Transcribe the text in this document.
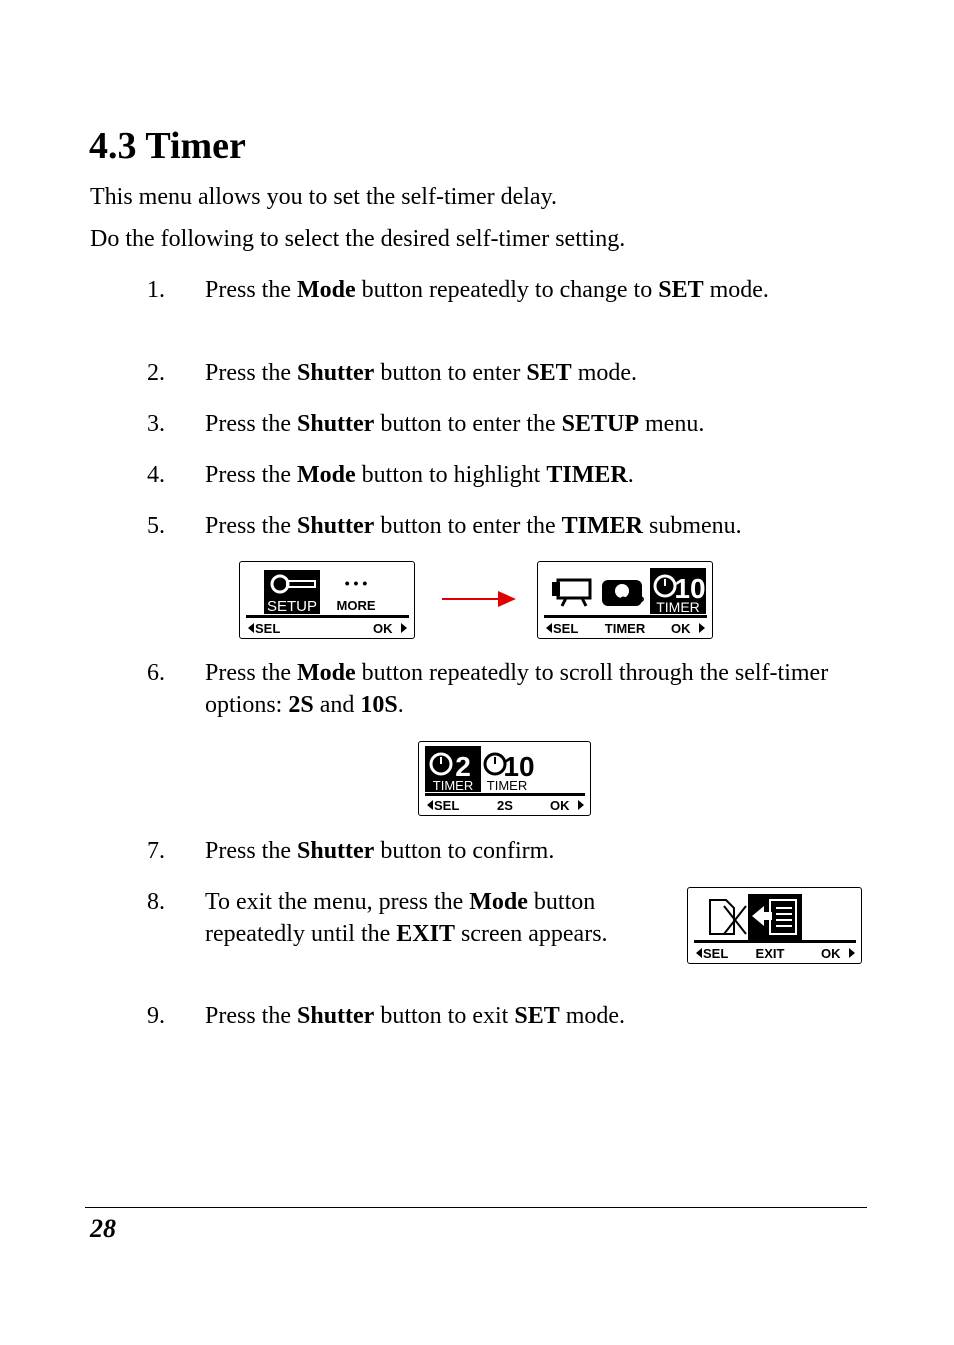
4.3 Timer
This menu allows you to set the self-timer delay.
Do the following to select the desired self-timer setting.
1. Press the Mode button repeatedly to change to SET mode.
2. Press the Shutter button to enter SET mode.
3. Press the Shutter button to enter the SETUP menu.
4. Press the Mode button to highlight TIMER.
5. Press the Shutter button to enter the TIMER submenu.
SETUP
• • •
MORE
SEL	OK
16MP 10
TIMER
SEL TIMER OK
6. Press the Mode button repeatedly to scroll through the self-timer options: 2S and 10S.
2
TIMER
10
TIMER
SEL	2S	OK
7. Press the Shutter button to confirm.
8. To exit the menu, press the Mode button repeatedly until the EXIT screen appears.
SEL EXIT	OK
9. Press the Shutter button to exit SET mode.
28
